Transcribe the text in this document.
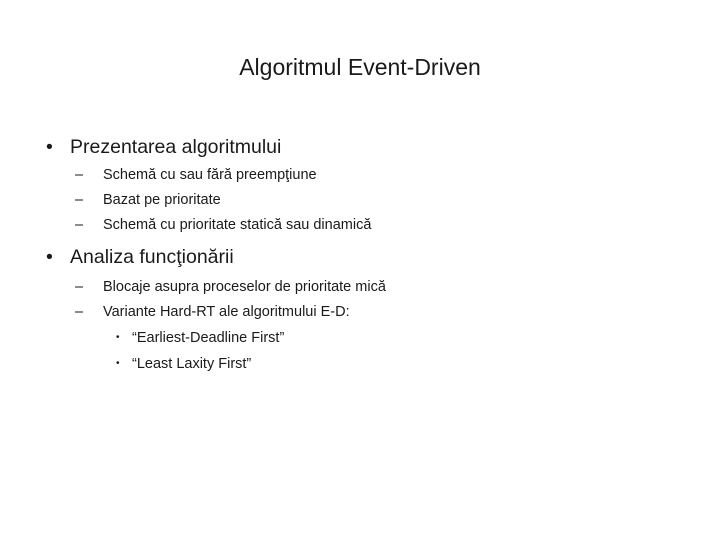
Algoritmul Event-Driven
• Prezentarea algoritmului
– Schemă cu sau fără preempţiune
– Bazat pe prioritate
– Schemă cu prioritate statică sau dinamică
• Analiza funcţionării
– Blocaje asupra proceselor de prioritate mică
– Variante Hard-RT ale algoritmului E-D:
• “Earliest-Deadline First”
• “Least Laxity First”
